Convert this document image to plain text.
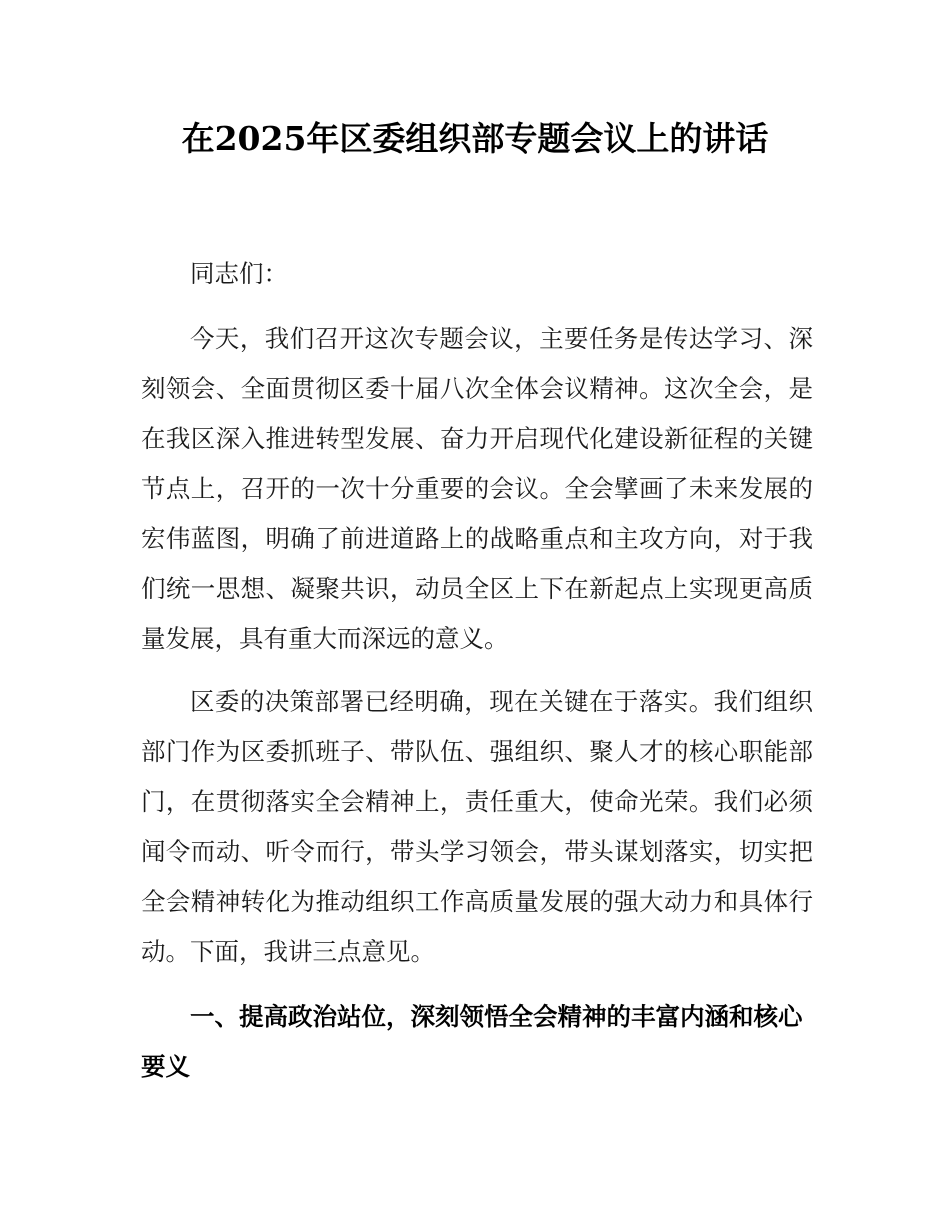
在2025年区委组织部专题会议上的讲话

同志们：

今天，我们召开这次专题会议，主要任务是传达学习、深刻领会、全面贯彻区委十届八次全体会议精神。这次全会，是在我区深入推进转型发展、奋力开启现代化建设新征程的关键节点上，召开的一次十分重要的会议。全会擘画了未来发展的宏伟蓝图，明确了前进道路上的战略重点和主攻方向，对于我们统一思想、凝聚共识，动员全区上下在新起点上实现更高质量发展，具有重大而深远的意义。

区委的决策部署已经明确，现在关键在于落实。我们组织部门作为区委抓班子、带队伍、强组织、聚人才的核心职能部门，在贯彻落实全会精神上，责任重大，使命光荣。我们必须闻令而动、听令而行，带头学习领会，带头谋划落实，切实把全会精神转化为推动组织工作高质量发展的强大动力和具体行动。下面，我讲三点意见。

一、提高政治站位，深刻领悟全会精神的丰富内涵和核心要义
